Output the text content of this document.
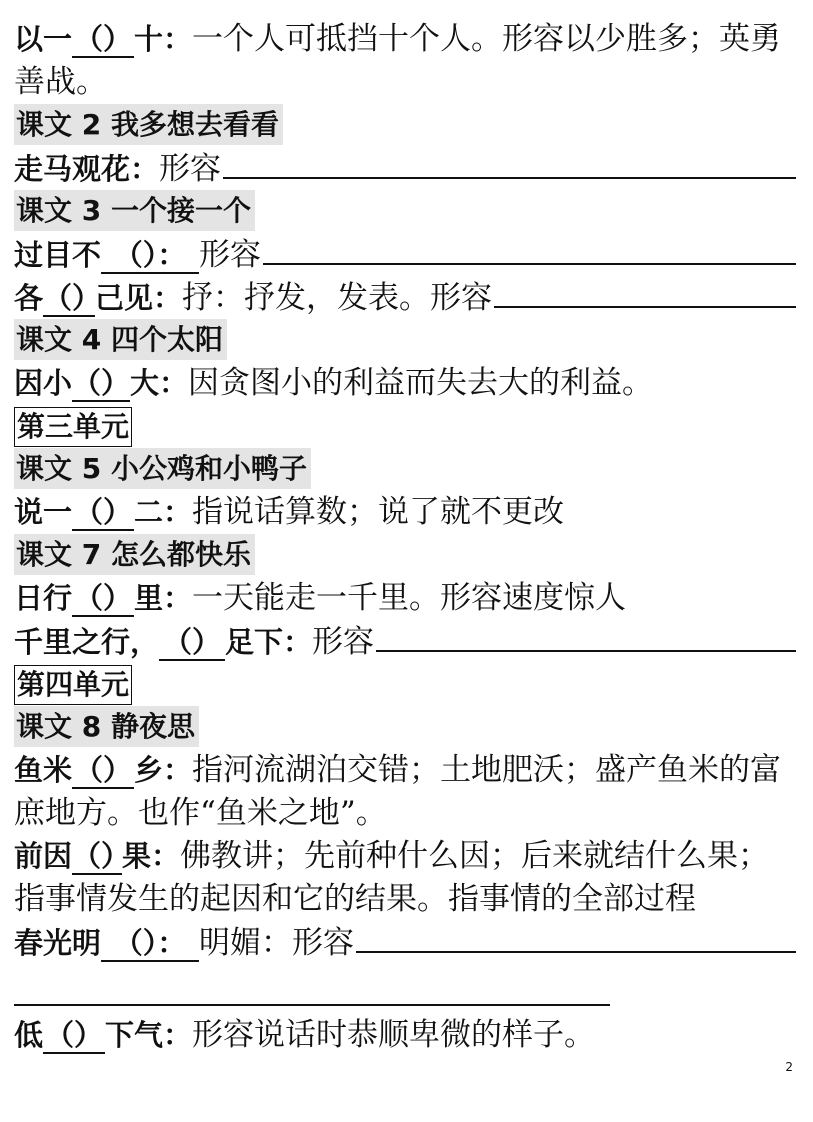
以一（）十：一个人可抵挡十个人。形容以少胜多；英勇善战。
课文 2 我多想去看看
走马观花： 形容
课文 3 一个接一个
过目不 （）： 形容
各 （）
己见： 抒：抒发，发表。形容
课文 4 四个太阳
因小 （） 大： 因贪图小的利益而失去大的利益。
第三单元
课文 5 小公鸡和小鸭子
说一 （） 二： 指说话算数；说了就不更改
课文 7 怎么都快乐
日行 （） 里： 一天能走一千里。形容速度惊人
千里之行， （） 足下： 形容
第四单元
课文 8 静夜思
鱼米（）乡：指河流湖泊交错；土地肥沃；盛产鱼米的富庶地方。也作“鱼米之地”。
前因（）果：佛教讲；先前种什么因；后来就结什么果；指事情发生的起因和它的结果。指事情的全部过程
春光明 （）： 明媚：形容
低 （） 下气： 形容说话时恭顺卑微的样子。
2
